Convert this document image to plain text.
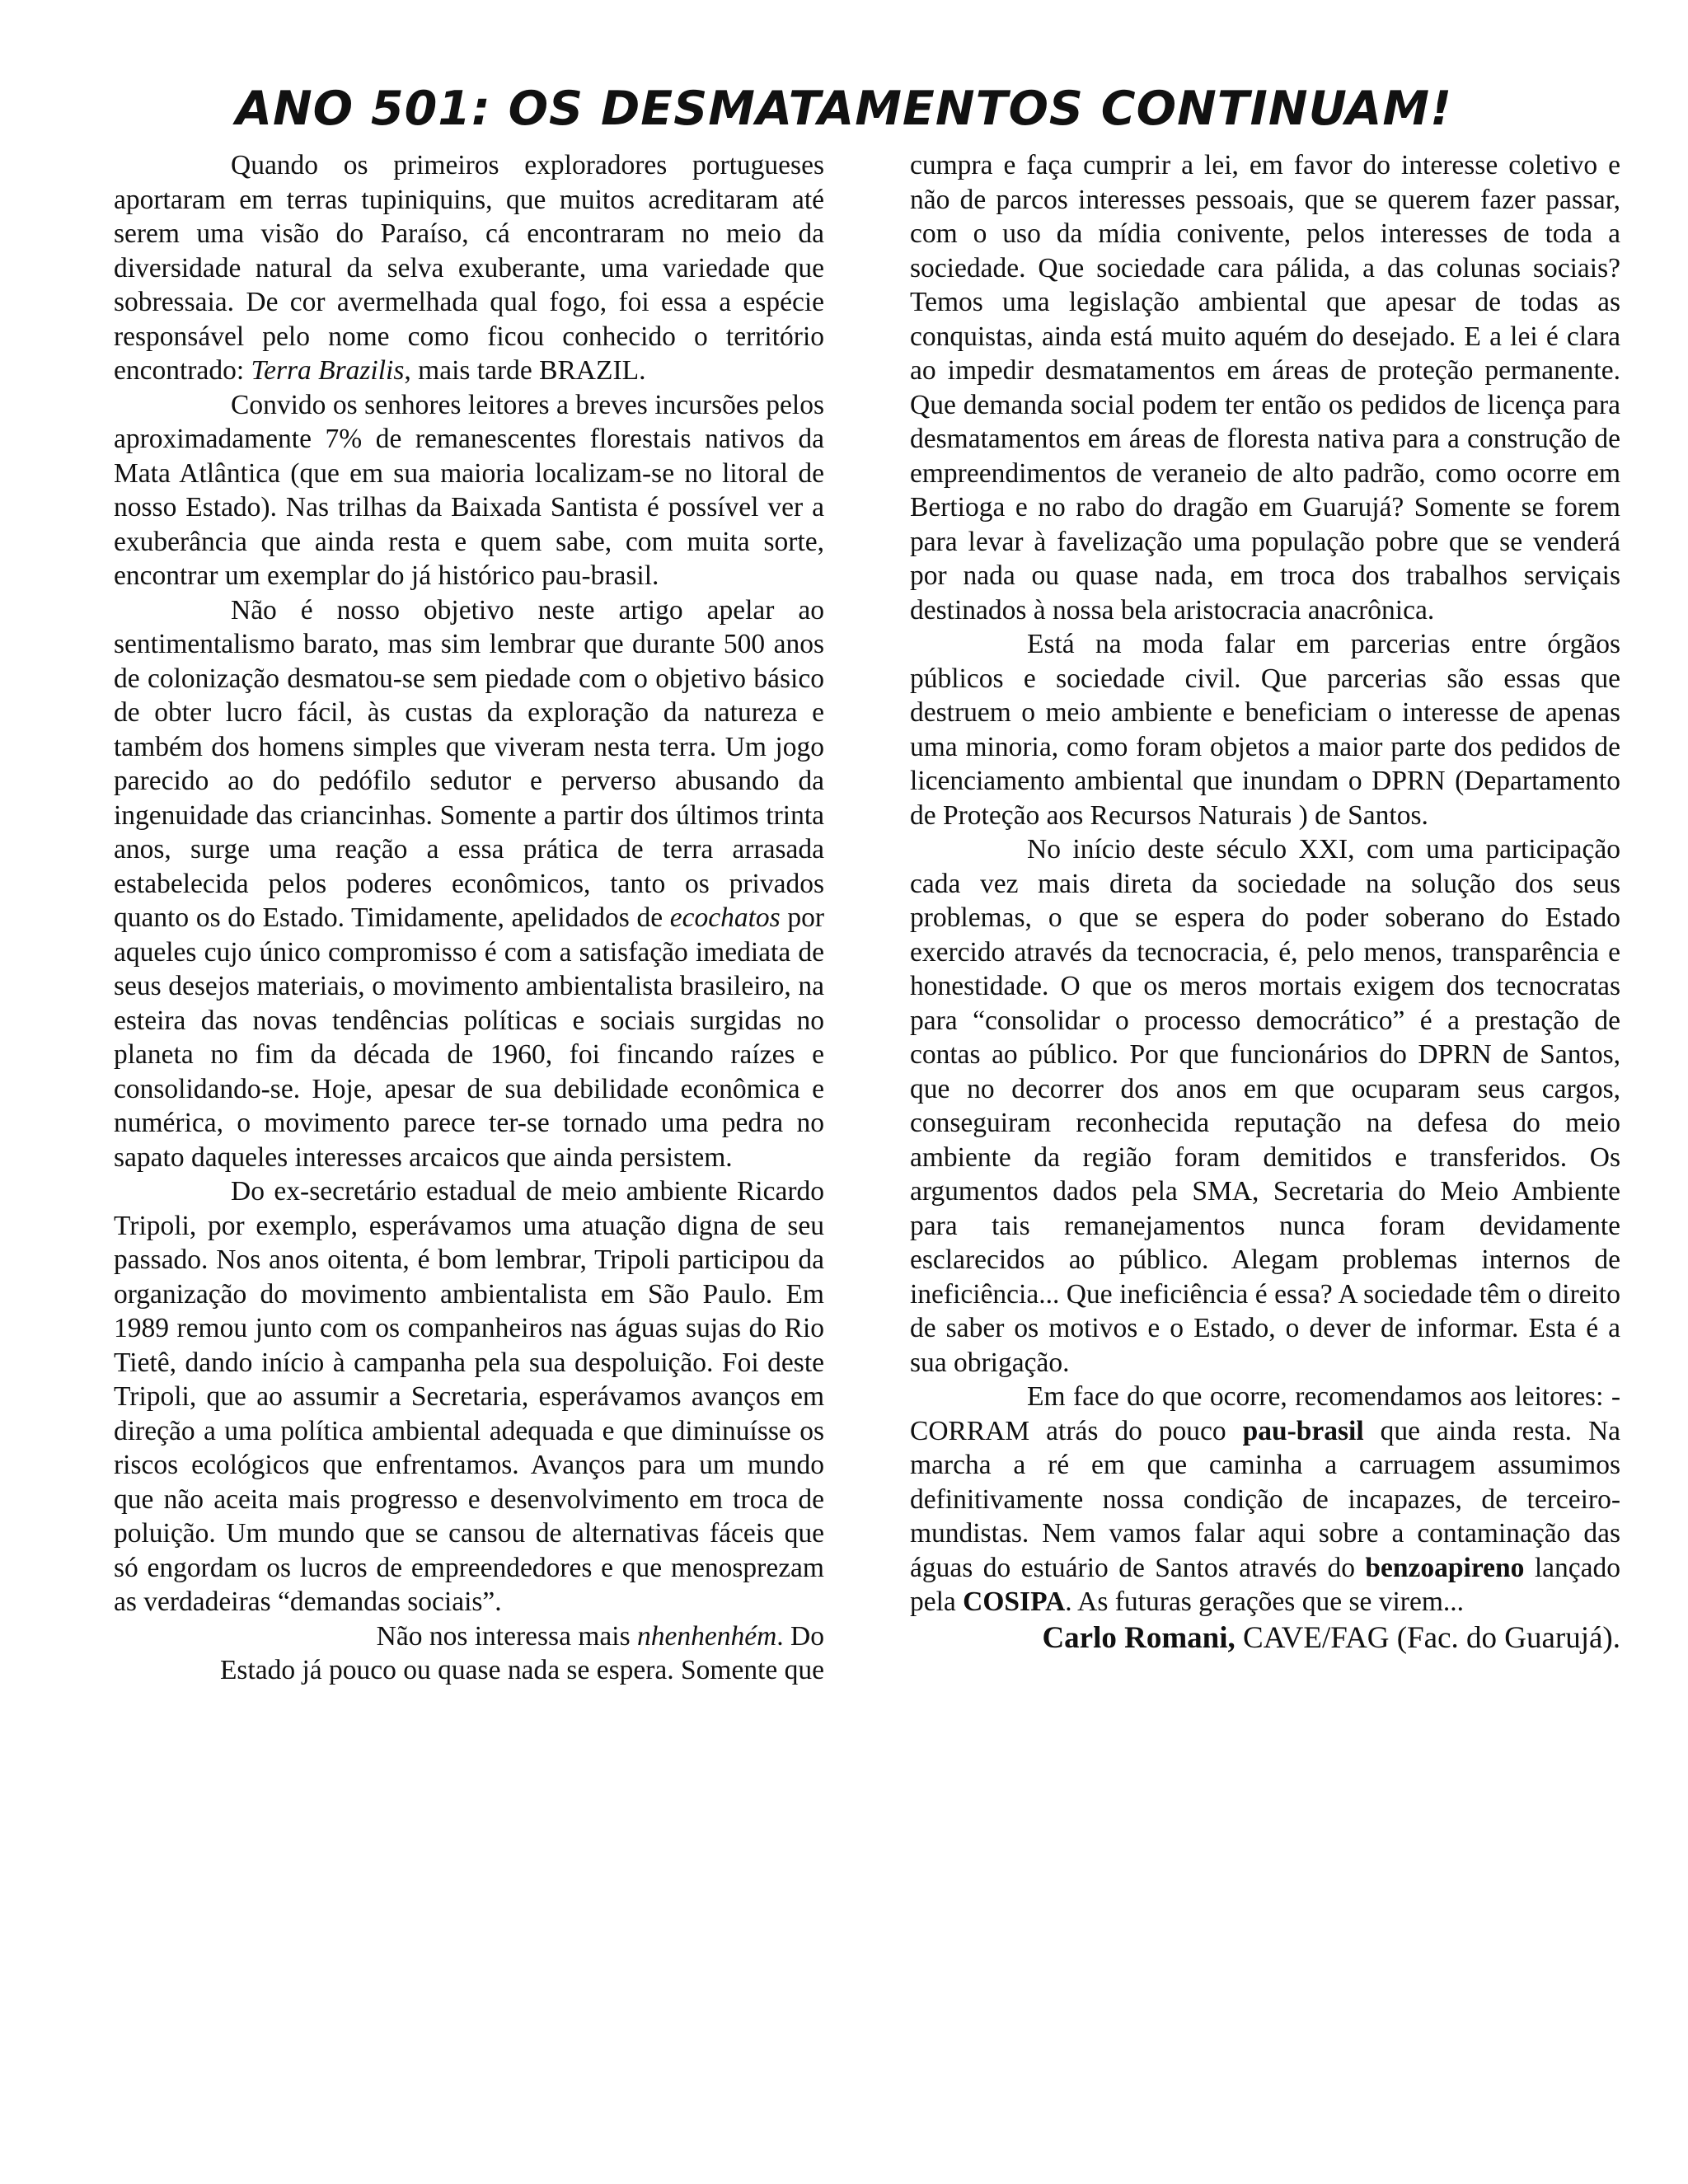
ANO 501: OS DESMATAMENTOS CONTINUAM!

Quando os primeiros exploradores portugueses aportaram em terras tupiniquins, que muitos acreditaram até serem uma visão do Paraíso, cá encontraram no meio da diversidade natural da selva exuberante, uma variedade que sobressaia. De cor avermelhada qual fogo, foi essa a espécie responsável pelo nome como ficou conhecido o território encontrado: Terra Brazilis, mais tarde BRAZIL.

Convido os senhores leitores a breves incursões pelos aproximadamente 7% de remanescentes florestais nativos da Mata Atlântica (que em sua maioria localizam-se no litoral de nosso Estado). Nas trilhas da Baixada Santista é possível ver a exuberância que ainda resta e quem sabe, com muita sorte, encontrar um exemplar do já histórico pau-brasil.

Não é nosso objetivo neste artigo apelar ao sentimentalismo barato, mas sim lembrar que durante 500 anos de colonização desmatou-se sem piedade com o objetivo básico de obter lucro fácil, às custas da exploração da natureza e também dos homens simples que viveram nesta terra. Um jogo parecido ao do pedófilo sedutor e perverso abusando da ingenuidade das criancinhas. Somente a partir dos últimos trinta anos, surge uma reação a essa prática de terra arrasada estabelecida pelos poderes econômicos, tanto os privados quanto os do Estado. Timidamente, apelidados de ecochatos por aqueles cujo único compromisso é com a satisfação imediata de seus desejos materiais, o movimento ambientalista brasileiro, na esteira das novas tendências políticas e sociais surgidas no planeta no fim da década de 1960, foi fincando raízes e consolidando-se. Hoje, apesar de sua debilidade econômica e numérica, o movimento parece ter-se tornado uma pedra no sapato daqueles interesses arcaicos que ainda persistem.

Do ex-secretário estadual de meio ambiente Ricardo Tripoli, por exemplo, esperávamos uma atuação digna de seu passado. Nos anos oitenta, é bom lembrar, Tripoli participou da organização do movimento ambientalista em São Paulo. Em 1989 remou junto com os companheiros nas águas sujas do Rio Tietê, dando início à campanha pela sua despoluição. Foi deste Tripoli, que ao assumir a Secretaria, esperávamos avanços em direção a uma política ambiental adequada e que diminuísse os riscos ecológicos que enfrentamos. Avanços para um mundo que não aceita mais progresso e desenvolvimento em troca de poluição. Um mundo que se cansou de alternativas fáceis que só engordam os lucros de empreendedores e que menosprezam as verdadeiras “demandas sociais”.

Não nos interessa mais nhenhenhém. Do

Estado já pouco ou quase nada se espera. Somente que

cumpra e faça cumprir a lei, em favor do interesse coletivo e não de parcos interesses pessoais, que se querem fazer passar, com o uso da mídia conivente, pelos interesses de toda a sociedade. Que sociedade cara pálida, a das colunas sociais? Temos uma legislação ambiental que apesar de todas as conquistas, ainda está muito aquém do desejado. E a lei é clara ao impedir desmatamentos em áreas de proteção permanente. Que demanda social podem ter então os pedidos de licença para desmatamentos em áreas de floresta nativa para a construção de empreendimentos de veraneio de alto padrão, como ocorre em Bertioga e no rabo do dragão em Guarujá? Somente se forem para levar à favelização uma população pobre que se venderá por nada ou quase nada, em troca dos trabalhos serviçais destinados à nossa bela aristocracia anacrônica.

Está na moda falar em parcerias entre órgãos públicos e sociedade civil. Que parcerias são essas que destruem o meio ambiente e beneficiam o interesse de apenas uma minoria, como foram objetos a maior parte dos pedidos de licenciamento ambiental que inundam o DPRN (Departamento de Proteção aos Recursos Naturais ) de Santos.

No início deste século XXI, com uma participação cada vez mais direta da sociedade na solução dos seus problemas, o que se espera do poder soberano do Estado exercido através da tecnocracia, é, pelo menos, transparência e honestidade. O que os meros mortais exigem dos tecnocratas para “consolidar o processo democrático” é a prestação de contas ao público. Por que funcionários do DPRN de Santos, que no decorrer dos anos em que ocuparam seus cargos, conseguiram reconhecida reputação na defesa do meio ambiente da região foram demitidos e transferidos. Os argumentos dados pela SMA, Secretaria do Meio Ambiente para tais remanejamentos nunca foram devidamente esclarecidos ao público. Alegam problemas internos de ineficiência... Que ineficiência é essa? A sociedade têm o direito de saber os motivos e o Estado, o dever de informar. Esta é a sua obrigação.

Em face do que ocorre, recomendamos aos leitores: - CORRAM atrás do pouco pau-brasil que ainda resta. Na marcha a ré em que caminha a carruagem assumimos definitivamente nossa condição de incapazes, de terceiro-mundistas. Nem vamos falar aqui sobre a contaminação das águas do estuário de Santos através do benzoapireno lançado pela COSIPA. As futuras gerações que se virem...

Carlo Romani, CAVE/FAG (Fac. do Guarujá).
